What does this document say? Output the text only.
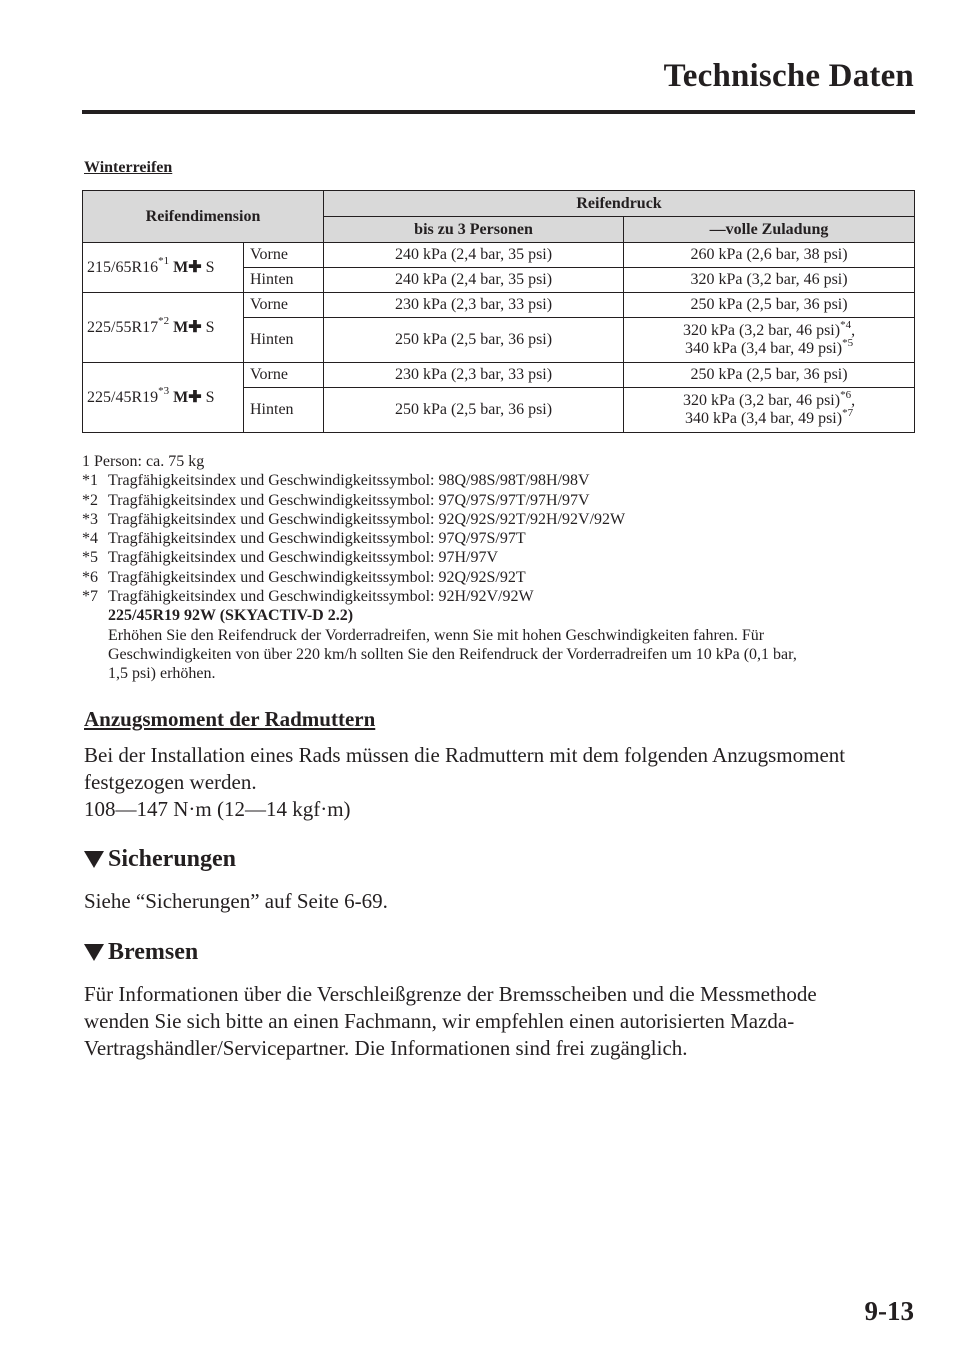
Technische Daten
Winterreifen
Reifendimension		Reifendruck	
		bis zu 3 Personen	―volle Zuladung
215/65R16$^{*1}$ M✚ S	Vorne	240 kPa (2,4 bar, 35 psi)	260 kPa (2,6 bar, 38 psi)
	Hinten	240 kPa (2,4 bar, 35 psi)	320 kPa (3,2 bar, 46 psi)
225/55R17$^{*2}$ M✚ S	Vorne	230 kPa (2,3 bar, 33 psi)	250 kPa (2,5 bar, 36 psi)
	Hinten	250 kPa (2,5 bar, 36 psi)	320 kPa (3,2 bar, 46 psi)$^{*4}$,
340 kPa (3,4 bar, 49 psi)$^{*5}$
225/45R19$^{*3}$ M✚ S	Vorne	230 kPa (2,3 bar, 33 psi)	250 kPa (2,5 bar, 36 psi)
	Hinten	250 kPa (2,5 bar, 36 psi)	320 kPa (3,2 bar, 46 psi)$^{*6}$,
340 kPa (3,4 bar, 49 psi)$^{*7}$
1 Person: ca. 75 kg
*1 Tragfähigkeitsindex und Geschwindigkeitssymbol: 98Q/98S/98T/98H/98V
*2 Tragfähigkeitsindex und Geschwindigkeitssymbol: 97Q/97S/97T/97H/97V
*3 Tragfähigkeitsindex und Geschwindigkeitssymbol: 92Q/92S/92T/92H/92V/92W
*4 Tragfähigkeitsindex und Geschwindigkeitssymbol: 97Q/97S/97T
*5 Tragfähigkeitsindex und Geschwindigkeitssymbol: 97H/97V
*6 Tragfähigkeitsindex und Geschwindigkeitssymbol: 92Q/92S/92T
*7 Tragfähigkeitsindex und Geschwindigkeitssymbol: 92H/92V/92W
225/45R19 92W (SKYACTIV-D 2.2)
Erhöhen Sie den Reifendruck der Vorderradreifen, wenn Sie mit hohen Geschwindigkeiten fahren. Für
Geschwindigkeiten von über 220 km/h sollten Sie den Reifendruck der Vorderradreifen um 10 kPa (0,1 bar,
1,5 psi) erhöhen.
Anzugsmoment der Radmuttern
Bei der Installation eines Rads müssen die Radmuttern mit dem folgenden Anzugsmoment
festgezogen werden.
108―147 N·m (12―14 kgf·m)
Sicherungen
Siehe “Sicherungen” auf Seite 6-69.
Bremsen
Für Informationen über die Verschleißgrenze der Bremsscheiben und die Messmethode
wenden Sie sich bitte an einen Fachmann, wir empfehlen einen autorisierten Mazda-
Vertragshändler/Servicepartner. Die Informationen sind frei zugänglich.
9-13
